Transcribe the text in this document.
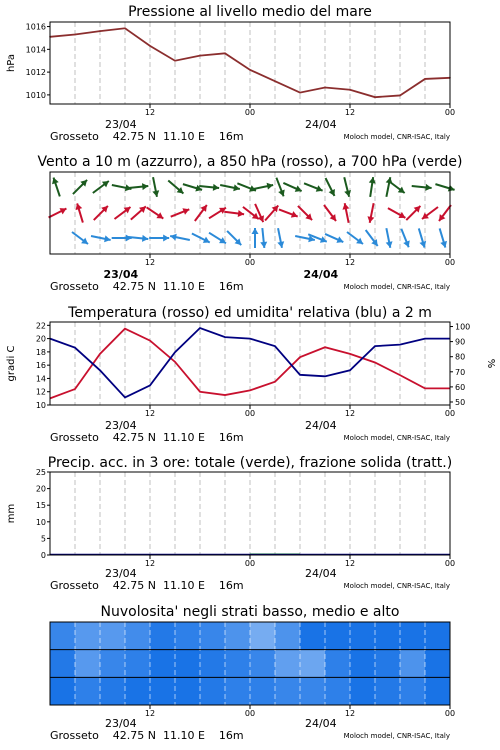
Pressione al livello medio del mare
Vento a 10 m (azzurro), a 850 hPa (rosso), a 700 hPa (verde)
Temperatura (rosso) ed umidita' relativa (blu) a 2 m
Precip. acc. in 3 ore: totale (verde), frazione solida (tratt.)
Nuvolosita' negli strati basso, medio e alto
1010
1012
1014
1016
hPa
12	00	12	00
23/04	24/04
Grosseto    42.75 N  11.10 E    16m	Moloch model, CNR-ISAC, Italy
12	00	12	00
23/04	24/04
Grosseto    42.75 N  11.10 E    16m	Moloch model, CNR-ISAC, Italy
10
12
14
16
18
20
22
50
60
70
80
90
100
gradi C	%
12	00	12	00
23/04	24/04
Grosseto    42.75 N  11.10 E    16m	Moloch model, CNR-ISAC, Italy
0
5
10
15
20
25
mm
12	00	12	00
23/04	24/04
Grosseto    42.75 N  11.10 E    16m	Moloch model, CNR-ISAC, Italy
12	00	12	00
23/04	24/04
Grosseto    42.75 N  11.10 E    16m	Moloch model, CNR-ISAC, Italy
